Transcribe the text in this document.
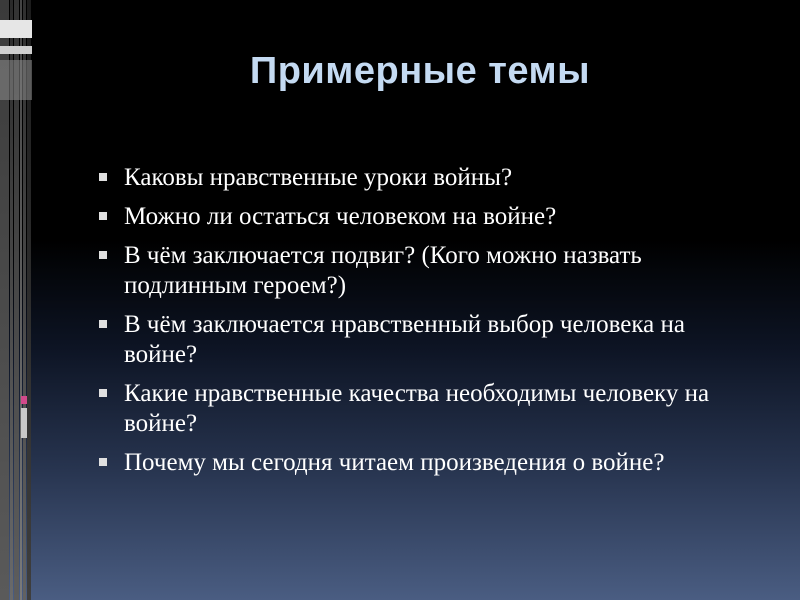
Примерные темы
Каковы нравственные уроки войны?
Можно ли остаться человеком на войне?
В чём заключается подвиг? (Кого можно назвать подлинным героем?)
В чём заключается нравственный выбор человека на войне?
Какие нравственные качества необходимы человеку на войне?
Почему мы сегодня читаем произведения о войне?
